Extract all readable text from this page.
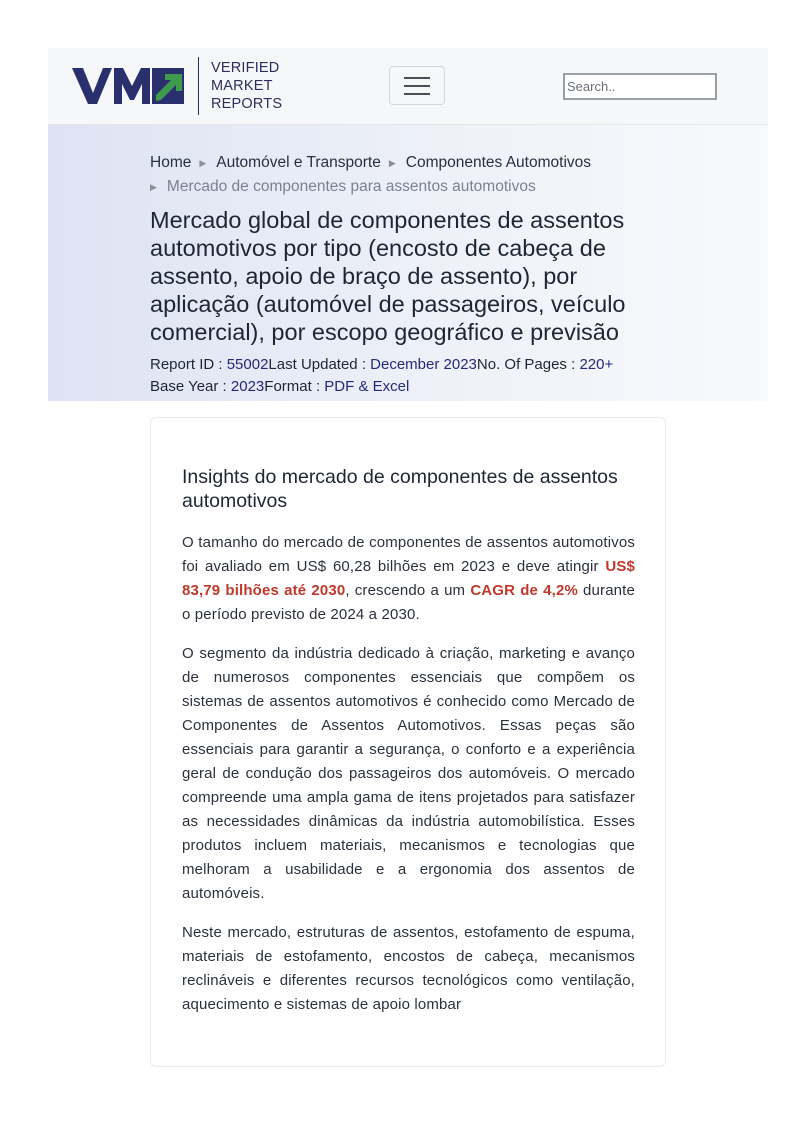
VERIFIED
MARKET
REPORTS
Search..
Home ▶ Automóvel e Transporte ▶ Componentes Automotivos
▶ Mercado de componentes para assentos automotivos
Mercado global de componentes de assentos automotivos por tipo (encosto de cabeça de assento, apoio de braço de assento), por aplicação (automóvel de passageiros, veículo comercial), por escopo geográfico e previsão
Report ID : 55002Last Updated : December 2023No. Of Pages : 220+
Base Year : 2023Format : PDF & Excel
Insights do mercado de componentes de assentos automotivos

O tamanho do mercado de componentes de assentos automotivos foi avaliado em US$ 60,28 bilhões em 2023 e deve atingir US$ 83,79 bilhões até 2030, crescendo a um CAGR de 4,2% durante o período previsto de 2024 a 2030.

O segmento da indústria dedicado à criação, marketing e avanço de numerosos componentes essenciais que compõem os sistemas de assentos automotivos é conhecido como Mercado de Componentes de Assentos Automotivos. Essas peças são essenciais para garantir a segurança, o conforto e a experiência geral de condução dos passageiros dos automóveis. O mercado compreende uma ampla gama de itens projetados para satisfazer as necessidades dinâmicas da indústria automobilística. Esses produtos incluem materiais, mecanismos e tecnologias que melhoram a usabilidade e a ergonomia dos assentos de automóveis.

Neste mercado, estruturas de assentos, estofamento de espuma, materiais de estofamento, encostos de cabeça, mecanismos reclináveis e diferentes recursos tecnológicos como ventilação, aquecimento e sistemas de apoio lombar
